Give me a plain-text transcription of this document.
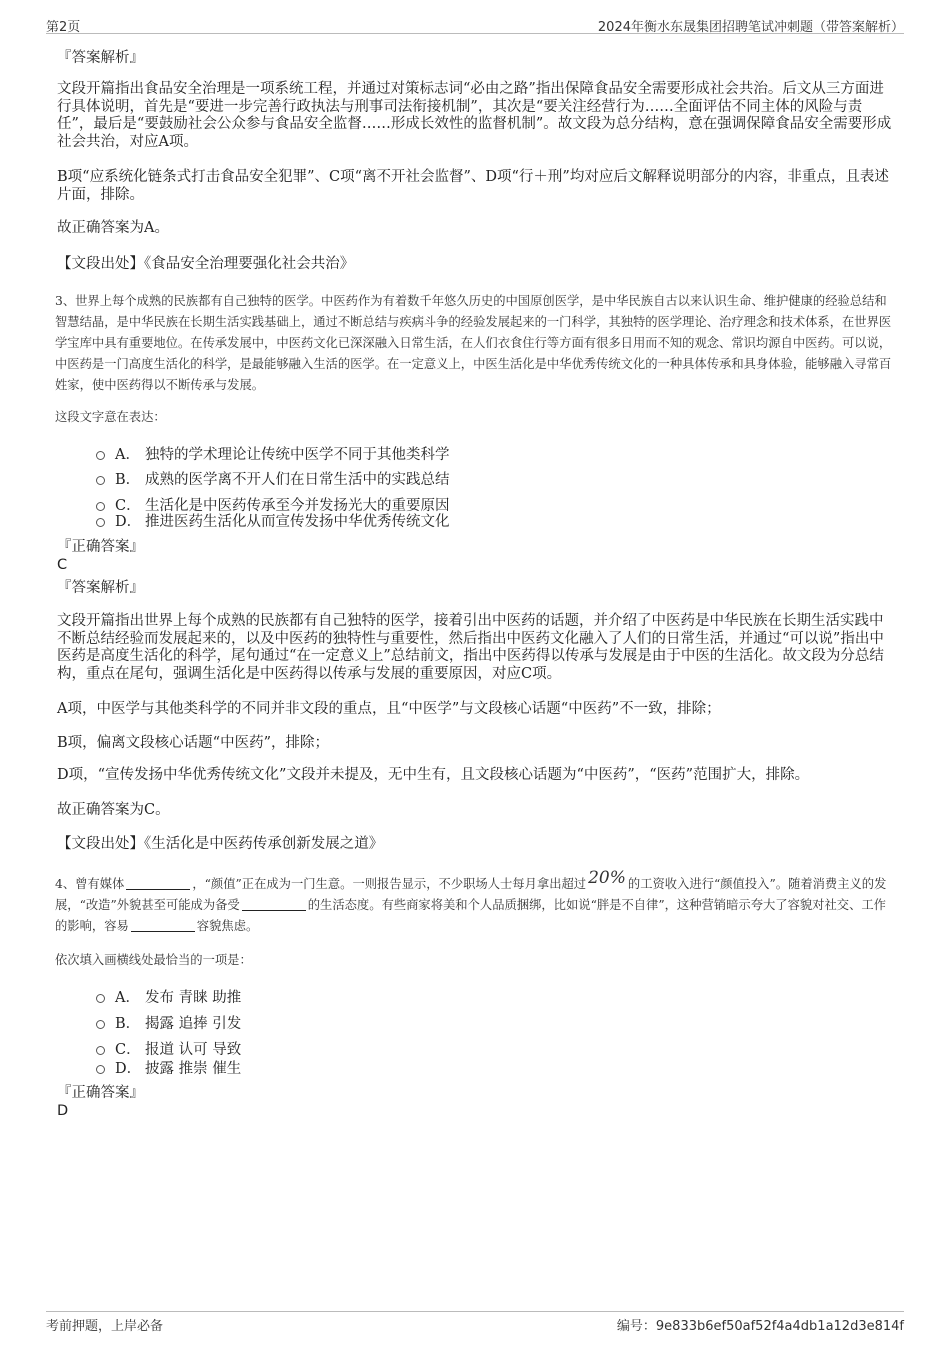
第2页	2024年衡水东晟集团招聘笔试冲刺题（带答案解析）
『答案解析』
文段开篇指出食品安全治理是一项系统工程，并通过对策标志词“必由之路”指出保障食品安全需要形成社会共治。后文从三方面进行具体说明，首先是“要进一步完善行政执法与刑事司法衔接机制”，其次是“要关注经营行为……全面评估不同主体的风险与责任”，最后是“要鼓励社会公众参与食品安全监督……形成长效性的监督机制”。故文段为总分结构，意在强调保障食品安全需要形成社会共治，对应A项。
B项“应系统化链条式打击食品安全犯罪”、C项“离不开社会监督”、D项“行＋刑”均对应后文解释说明部分的内容，非重点，且表述片面，排除。
故正确答案为A。
【文段出处】《食品安全治理要强化社会共治》
3、世界上每个成熟的民族都有自己独特的医学。中医药作为有着数千年悠久历史的中国原创医学，是中华民族自古以来认识生命、维护健康的经验总结和智慧结晶，是中华民族在长期生活实践基础上，通过不断总结与疾病斗争的经验发展起来的一门科学，其独特的医学理论、治疗理念和技术体系，在世界医学宝库中具有重要地位。在传承发展中，中医药文化已深深融入日常生活，在人们衣食住行等方面有很多日用而不知的观念、常识均源自中医药。可以说，中医药是一门高度生活化的科学，是最能够融入生活的医学。在一定意义上，中医生活化是中华优秀传统文化的一种具体传承和具身体验，能够融入寻常百姓家，使中医药得以不断传承与发展。
这段文字意在表达：
A． 独特的学术理论让传统中医学不同于其他类科学
B． 成熟的医学离不开人们在日常生活中的实践总结
C． 生活化是中医药传承至今并发扬光大的重要原因
D． 推进医药生活化从而宣传发扬中华优秀传统文化
『正确答案』
C
『答案解析』
文段开篇指出世界上每个成熟的民族都有自己独特的医学，接着引出中医药的话题，并介绍了中医药是中华民族在长期生活实践中不断总结经验而发展起来的，以及中医药的独特性与重要性，然后指出中医药文化融入了人们的日常生活，并通过“可以说”指出中医药是高度生活化的科学，尾句通过“在一定意义上”总结前文，指出中医药得以传承与发展是由于中医的生活化。故文段为分总结构，重点在尾句，强调生活化是中医药得以传承与发展的重要原因，对应C项。
A项，中医学与其他类科学的不同并非文段的重点，且“中医学”与文段核心话题“中医药”不一致，排除；
B项，偏离文段核心话题“中医药”，排除；
D项，“宣传发扬中华优秀传统文化”文段并未提及，无中生有，且文段核心话题为“中医药”，“医药”范围扩大，排除。
故正确答案为C。
【文段出处】《生活化是中医药传承创新发展之道》
4、曾有媒体	，“颜值”正在成为一门生意。一则报告显示，不少职场人士每月拿出超过 20% 的工资收入进行“颜值投入”。随着消费主义的发展，“改造”外貌甚至可能成为备受	的生活态度。有些商家将美和个人品质捆绑，比如说“胖是不自律”，这种营销暗示夸大了容貌对社交、工作的影响，容易	容貌焦虑。
依次填入画横线处最恰当的一项是：
A． 发布 青睐 助推
B． 揭露 追捧 引发
C． 报道 认可 导致
D． 披露 推崇 催生
『正确答案』
D
考前押题，上岸必备	编号：9e833b6ef50af52f4a4db1a12d3e814f
